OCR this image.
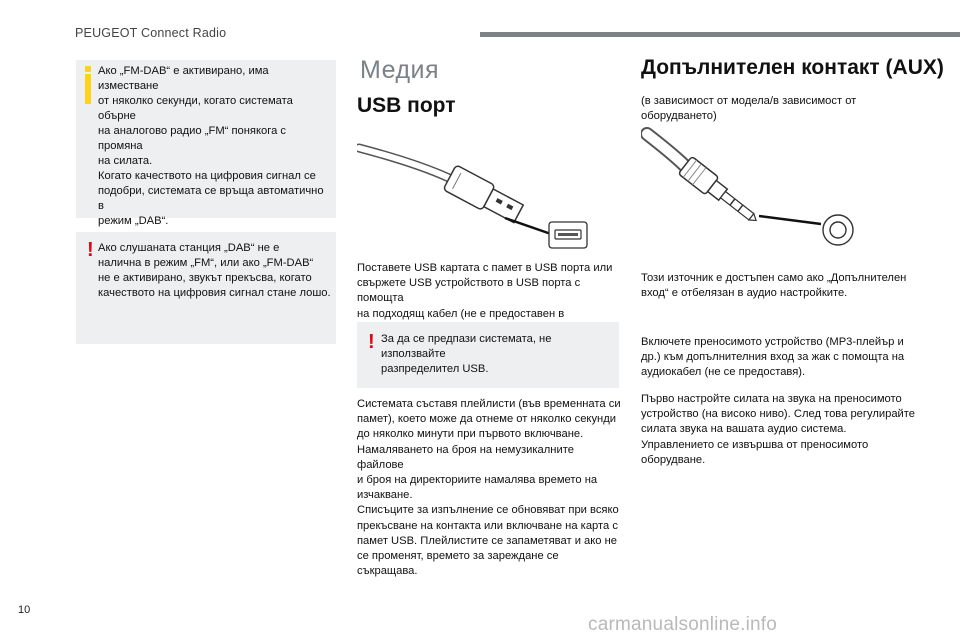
PEUGEOT Connect Radio
Ако „FM-DAB“ е активирано, има изместване
от няколко секунди, когато системата обърне
на аналогово радио „FM“ понякога с промяна
на силата.
Когато качеството на цифровия сигнал се
подобри, системата се връща автоматично в
режим „DAB“.
! Ако слушаната станция „DAB“ не е
налична в режим „FM“, или ако „FM-DAB“
не е активирано, звукът прекъсва, когато
качеството на цифровия сигнал стане лошо.
Медия
USB порт
Поставете USB картата с памет в USB порта или
свържете USB устройството в USB порта с помощта
на подходящ кабел (не е предоставен в
! За да се предпази системата, не използвайте
разпределител USB.
Системата съставя плейлисти (във временната си
памет), което може да отнеме от няколко секунди
до няколко минути при първото включване.
Намаляването на броя на немузикалните файлове
и броя на директориите намалява времето на
изчакване.
Списъците за изпълнение се обновяват при всяко
прекъсване на контакта или включване на карта с
памет USB. Плейлистите се запаметяват и ако не
се променят, времето за зареждане се съкращава.
Допълнителен контакт (AUX)
(в зависимост от модела/в зависимост от
оборудването)
Този източник е достъпен само ако „Допълнителен
вход“ е отбелязан в аудио настройките.
Включете преносимото устройство (MP3-плейър и
др.) към допълнителния вход за жак с помощта на
аудиокабел (не се предоставя).
Първо настройте силата на звука на преносимото
устройство (на високо ниво). След това регулирайте
силата звука на вашата аудио система.
Управлението се извършва от преносимото
оборудване.
10
carmanualsonline.info
